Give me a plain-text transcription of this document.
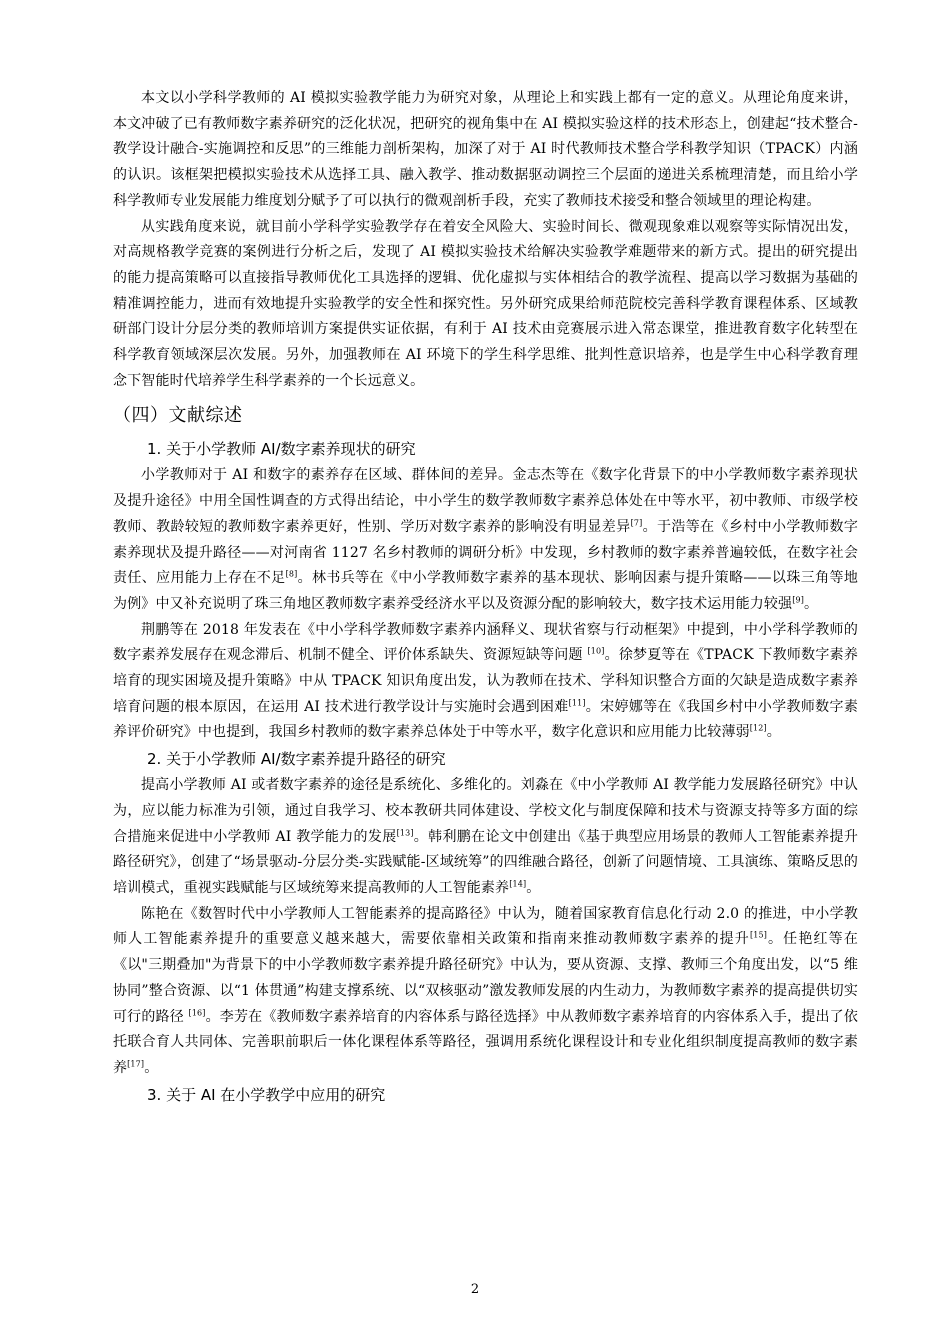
本文以小学科学教师的 AI 模拟实验教学能力为研究对象，从理论上和实践上都有一定的意义。从理论角度来讲，本文冲破了已有教师数字素养研究的泛化状况，把研究的视角集中在 AI 模拟实验这样的技术形态上，创建起“技术整合-教学设计融合-实施调控和反思”的三维能力剖析架构，加深了对于 AI 时代教师技术整合学科教学知识（TPACK）内涵的认识。该框架把模拟实验技术从选择工具、融入教学、推动数据驱动调控三个层面的递进关系梳理清楚，而且给小学科学教师专业发展能力维度划分赋予了可以执行的微观剖析手段，充实了教师技术接受和整合领域里的理论构建。

从实践角度来说，就目前小学科学实验教学存在着安全风险大、实验时间长、微观现象难以观察等实际情况出发，对高规格教学竞赛的案例进行分析之后，发现了 AI 模拟实验技术给解决实验教学难题带来的新方式。提出的研究提出的能力提高策略可以直接指导教师优化工具选择的逻辑、优化虚拟与实体相结合的教学流程、提高以学习数据为基础的精准调控能力，进而有效地提升实验教学的安全性和探究性。另外研究成果给师范院校完善科学教育课程体系、区域教研部门设计分层分类的教师培训方案提供实证依据，有利于 AI 技术由竞赛展示进入常态课堂，推进教育数字化转型在科学教育领域深层次发展。另外，加强教师在 AI 环境下的学生科学思维、批判性意识培养，也是学生中心科学教育理念下智能时代培养学生科学素养的一个长远意义。

（四）文献综述
1. 关于小学教师 AI/数字素养现状的研究

小学教师对于 AI 和数字的素养存在区域、群体间的差异。金志杰等在《数字化背景下的中小学教师数字素养现状及提升途径》中用全国性调查的方式得出结论，中小学生的数学教师数字素养总体处在中等水平，初中教师、市级学校教师、教龄较短的教师数字素养更好，性别、学历对数字素养的影响没有明显差异[7]。于浩等在《乡村中小学教师数字素养现状及提升路径——对河南省 1127 名乡村教师的调研分析》中发现，乡村教师的数字素养普遍较低，在数字社会责任、应用能力上存在不足[8]。林书兵等在《中小学教师数字素养的基本现状、影响因素与提升策略——以珠三角等地为例》中又补充说明了珠三角地区教师数字素养受经济水平以及资源分配的影响较大，数字技术运用能力较强[9]。

荆鹏等在 2018 年发表在《中小学科学教师数字素养内涵释义、现状省察与行动框架》中提到，中小学科学教师的数字素养发展存在观念滞后、机制不健全、评价体系缺失、资源短缺等问题 [10]。徐梦夏等在《TPACK 下教师数字素养培育的现实困境及提升策略》中从 TPACK 知识角度出发，认为教师在技术、学科知识整合方面的欠缺是造成数字素养培育问题的根本原因，在运用 AI 技术进行教学设计与实施时会遇到困难[11]。宋婷娜等在《我国乡村中小学教师数字素养评价研究》中也提到，我国乡村教师的数字素养总体处于中等水平，数字化意识和应用能力比较薄弱[12]。

2. 关于小学教师 AI/数字素养提升路径的研究

提高小学教师 AI 或者数字素养的途径是系统化、多维化的。刘淼在《中小学教师 AI 教学能力发展路径研究》中认为，应以能力标准为引领，通过自我学习、校本教研共同体建设、学校文化与制度保障和技术与资源支持等多方面的综合措施来促进中小学教师 AI 教学能力的发展[13]。韩利鹏在论文中创建出《基于典型应用场景的教师人工智能素养提升路径研究》，创建了“场景驱动-分层分类-实践赋能-区域统筹”的四维融合路径，创新了问题情境、工具演练、策略反思的培训模式，重视实践赋能与区域统筹来提高教师的人工智能素养[14]。

陈艳在《数智时代中小学教师人工智能素养的提高路径》中认为，随着国家教育信息化行动 2.0 的推进，中小学教师人工智能素养提升的重要意义越来越大，需要依靠相关政策和指南来推动教师数字素养的提升[15]。任艳红等在《以"三期叠加"为背景下的中小学教师数字素养提升路径研究》中认为，要从资源、支撑、教师三个角度出发，以“5 维协同”整合资源、以“1 体贯通”构建支撑系统、以“双核驱动”激发教师发展的内生动力，为教师数字素养的提高提供切实可行的路径 [16]。李芳在《教师数字素养培育的内容体系与路径选择》中从教师数字素养培育的内容体系入手，提出了依托联合育人共同体、完善职前职后一体化课程体系等路径，强调用系统化课程设计和专业化组织制度提高教师的数字素养[17]。

3. 关于 AI 在小学教学中应用的研究
2
